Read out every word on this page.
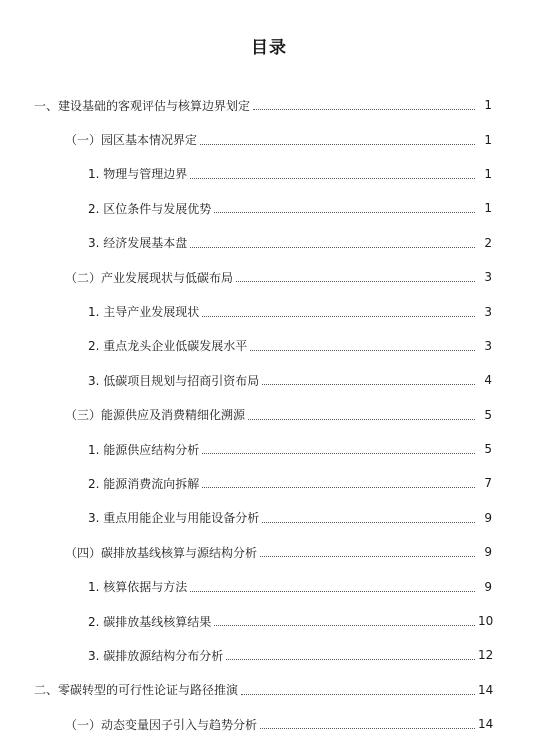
目录
一、建设基础的客观评估与核算边界划定	1
（一）园区基本情况界定	1
1. 物理与管理边界	1
2. 区位条件与发展优势	1
3. 经济发展基本盘	2
（二）产业发展现状与低碳布局	3
1. 主导产业发展现状	3
2. 重点龙头企业低碳发展水平	3
3. 低碳项目规划与招商引资布局	4
（三）能源供应及消费精细化溯源	5
1. 能源供应结构分析	5
2. 能源消费流向拆解	7
3. 重点用能企业与用能设备分析	9
（四）碳排放基线核算与源结构分析	9
1. 核算依据与方法	9
2. 碳排放基线核算结果	10
3. 碳排放源结构分布分析	12
二、零碳转型的可行性论证与路径推演	14
（一）动态变量因子引入与趋势分析	14
